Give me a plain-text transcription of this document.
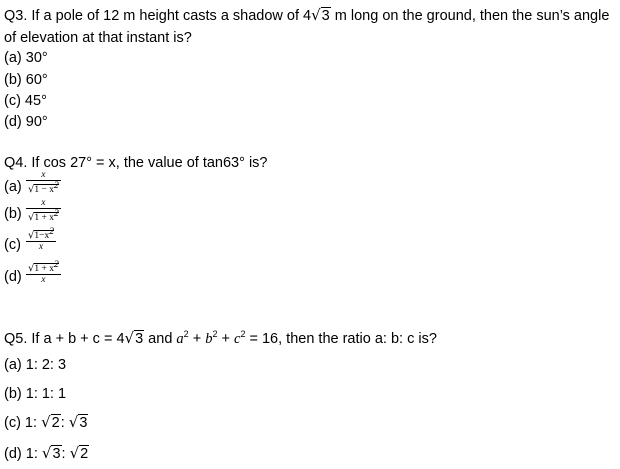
Q3. If a pole of 12 m height casts a shadow of 4√3 m long on the ground, then the sun’s angle
of elevation at that instant is?
(a) 30°
(b) 60°
(c) 45°
(d) 90°
Q4. If cos 27° = x, the value of tan63° is?
(a)
x
$√1 - x^2$
(b)
x
$√1 + x^2$
(c)
$√1-x^2$
x
(d)
$√1 + x^2$
x
Q5. If a + b + c = 4√3 and $a^2 + b^2 + c^2 = 16$, then the ratio a: b: c is?
(a) 1: 2: 3
(b) 1: 1: 1
(c) 1: √2: √3
(d) 1: √3: √2
